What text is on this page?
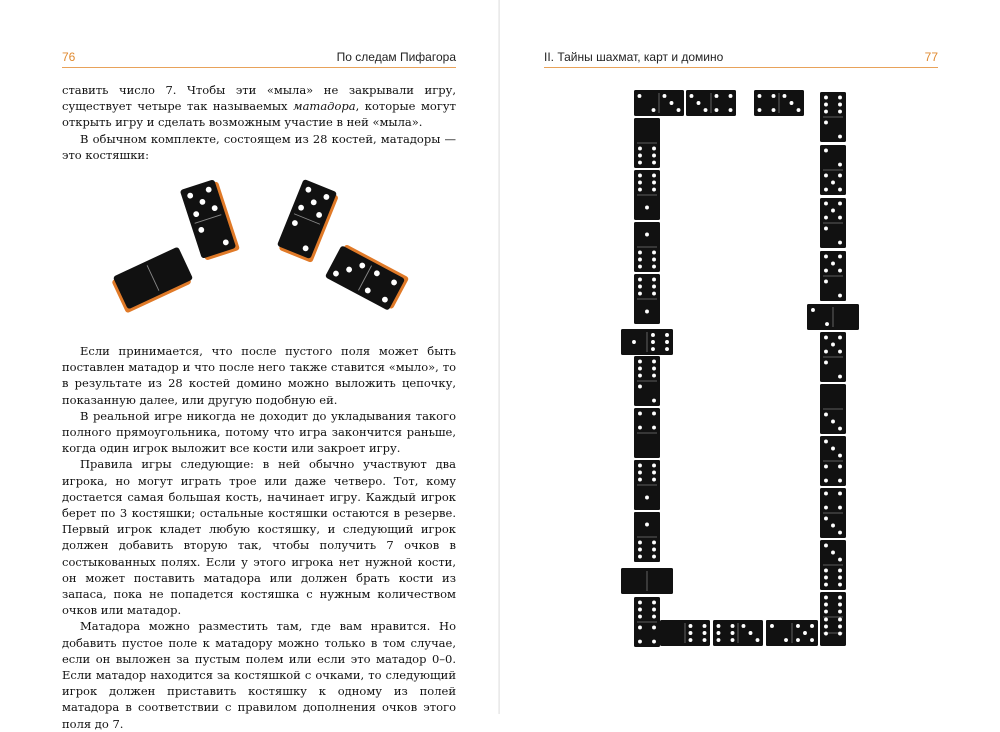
76	По следам Пифагора

ставить число 7. Чтобы эти «мыла» не закрывали игру, существует четыре так называемых матадора, которые могут открыть игру и сделать возможным участие в ней «мыла».

В обычном комплекте, состоящем из 28 костей, матадоры — это костяшки:

Если принимается, что после пустого поля может быть поставлен матадор и что после него также ставится «мыло», то в результате из 28 костей домино можно выложить цепочку, показанную далее, или другую подобную ей.

В реальной игре никогда не доходит до укладывания такого полного прямоугольника, потому что игра закончится раньше, когда один игрок выложит все кости или закроет игру.

Правила игры следующие: в ней обычно участвуют два игрока, но могут играть трое или даже четверо. Тот, кому достается самая большая кость, начинает игру. Каждый игрок берет по 3 костяшки; остальные костяшки остаются в резерве. Первый игрок кладет любую костяшку, и следующий игрок должен добавить вторую так, чтобы получить 7 очков в состыкованных полях. Если у этого игрока нет нужной кости, он может поставить матадора или должен брать кости из запаса, пока не попадется костяшка с нужным количеством очков или матадор.

Матадора можно разместить там, где вам нравится. Но добавить пустое поле к матадору можно только в том случае, если он выложен за пустым полем или если это матадор 0–0. Если матадор находится за костяшкой с очками, то следующий игрок должен приставить костяшку к одному из полей матадора в соответствии с правилом дополнения очков этого поля до 7.

II. Тайны шахмат, карт и домино	77
